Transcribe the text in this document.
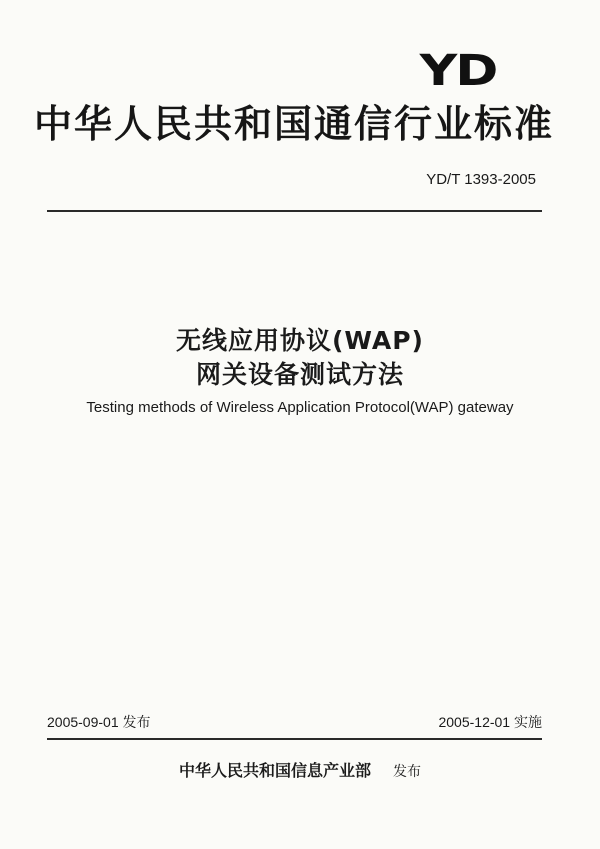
YD
中华人民共和国通信行业标准
YD/T 1393-2005
无线应用协议(WAP)
网关设备测试方法
Testing methods of Wireless Application Protocol(WAP) gateway
2005-09-01 发布	2005-12-01 实施
中华人民共和国信息产业部 发布
